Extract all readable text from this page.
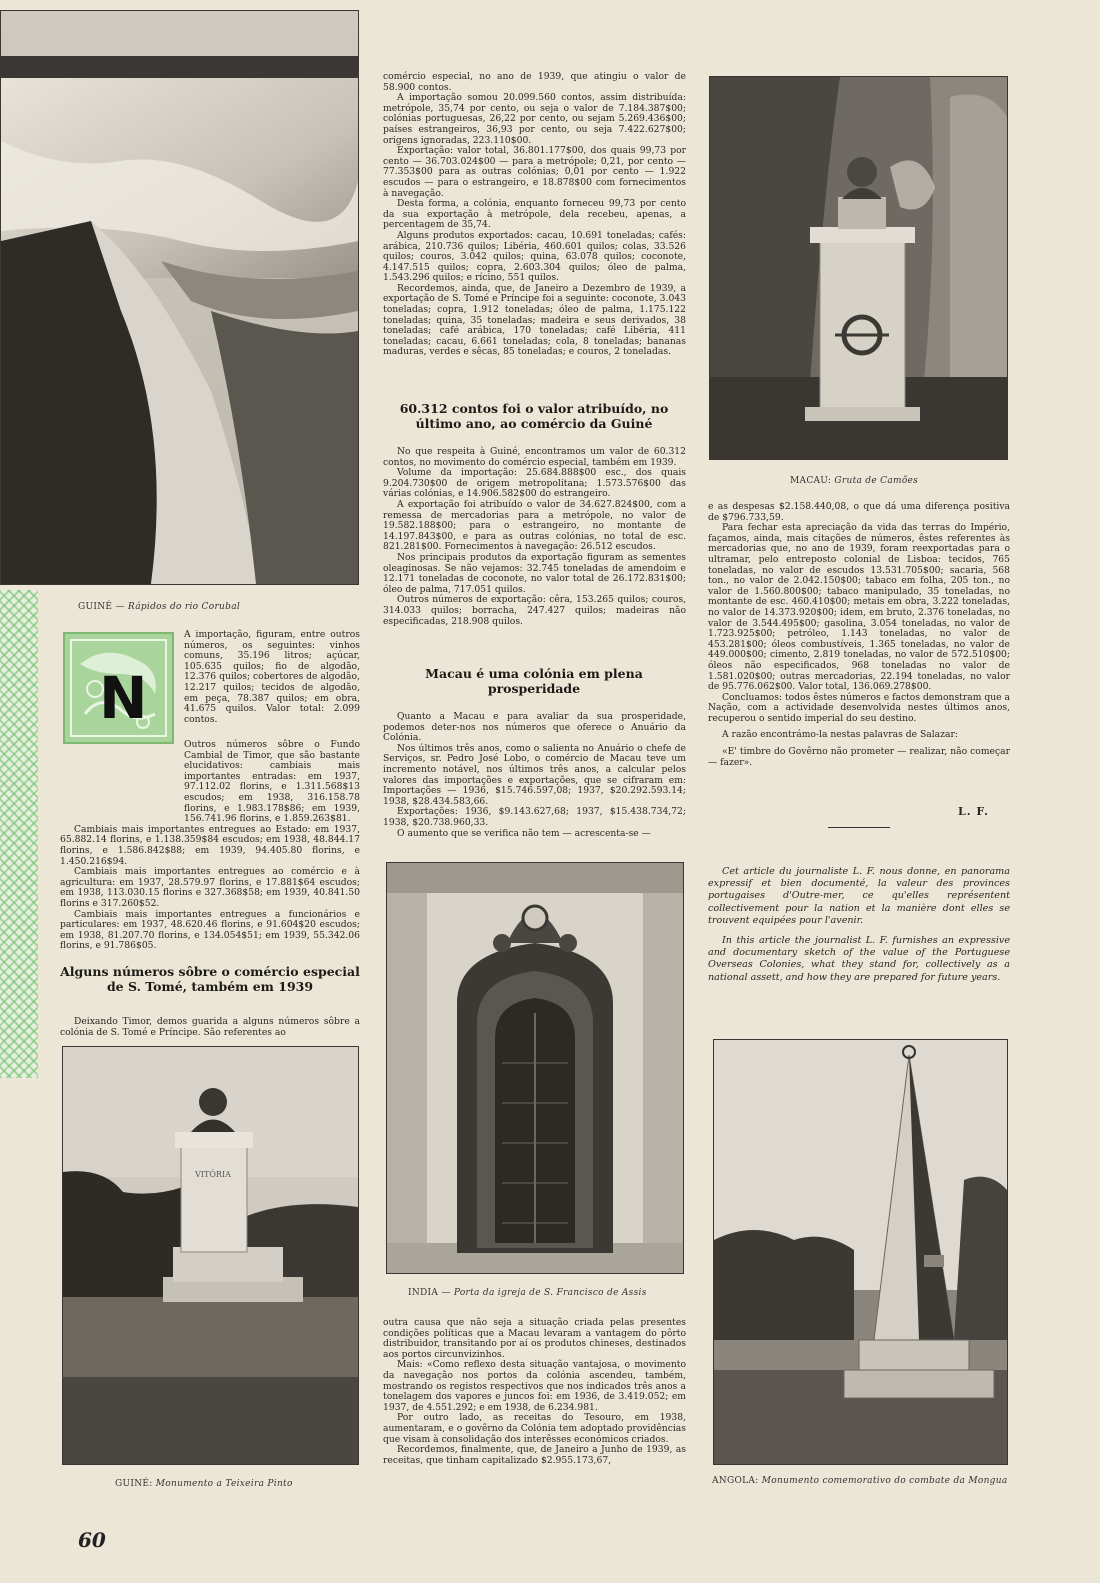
GUINÉ — Rápidos do rio Corubal
N

A importação, figuram, entre outros números, os seguintes: vinhos comuns, 35.196 litros; açúcar, 105.635 quilos; fio de algodão, 12.376 quilos; cobertores de algodão, 12.217 quilos; tecidos de algodão, em peça, 78.387 quilos; em obra, 41.675 quilos. Valor total: 2.099 contos.

Outros números sôbre o Fundo Cambial de Timor, que são bastante elucidativos: cambiais mais importantes entradas: em 1937, 97.112.02 florins, e 1.311.568$13 escudos; em 1938, 316.158.78 florins, e 1.983.178$86; em 1939, 156.741.96 florins, e 1.859.263$81.

Cambiais mais importantes entregues ao Estado: em 1937, 65.882.14 florins, e 1.138.359$84 escudos; em 1938, 48.844.17 florins, e 1.586.842$88; em 1939, 94.405.80 florins, e 1.450.216$94.

Cambiais mais importantes entregues ao comércio e à agricultura: em 1937, 28.579.97 florins, e 17.881$64 escudos; em 1938, 113.030.15 florins e 327.368$58; em 1939, 40.841.50 florins e 317.260$52.

Cambiais mais importantes entregues a funcionários e particulares: em 1937, 48.620.46 florins, e 91.604$20 escudos; em 1938, 81.207.70 florins, e 134.054$51; em 1939, 55.342.06 florins, e 91.786$05.

Alguns números sôbre o comércio especial de S. Tomé, também em 1939

Deixando Timor, demos guarida a alguns números sôbre a colónia de S. Tomé e Príncipe. São referentes ao

VITÓRIA
GUINÉ: Monumento a Teixeira Pinto
60

comércio especial, no ano de 1939, que atingiu o valor de 58.900 contos.

A importação somou 20.099.560 contos, assim distribuída: metrópole, 35,74 por cento, ou seja o valor de 7.184.387$00; colónias portuguesas, 26,22 por cento, ou sejam 5.269.436$00; países estrangeiros, 36,93 por cento, ou seja 7.422.627$00; origens ignoradas, 223.110$00.

Exportação: valor total, 36.801.177$00, dos quais 99,73 por cento — 36.703.024$00 — para a metrópole; 0,21, por cento — 77.353$00 para as outras colónias; 0,01 por cento — 1.922 escudos — para o estrangeiro, e 18.878$00 com fornecimentos à navegação.

Desta forma, a colónia, enquanto forneceu 99,73 por cento da sua exportação à metrópole, dela recebeu, apenas, a percentagem de 35,74.

Alguns produtos exportados: cacau, 10.691 toneladas; cafés: arábica, 210.736 quilos; Libéria, 460.601 quilos; colas, 33.526 quilos; couros, 3.042 quilos; quina, 63.078 quilos; coconote, 4.147.515 quilos; copra, 2.603.304 quilos; óleo de palma, 1.543.296 quilos; e rícino, 551 quilos.

Recordemos, ainda, que, de Janeiro a Dezembro de 1939, a exportação de S. Tomé e Príncipe foi a seguinte: coconote, 3.043 toneladas; copra, 1.912 toneladas; óleo de palma, 1.175.122 toneladas; quina, 35 toneladas; madeira e seus derivados, 38 toneladas; café arábica, 170 toneladas; café Libéria, 411 toneladas; cacau, 6.661 toneladas; cola, 8 toneladas; bananas maduras, verdes e sêcas, 85 toneladas; e couros, 2 toneladas.

60.312 contos foi o valor atribuído, no último ano, ao comércio da Guiné

No que respeita à Guiné, encontramos um valor de 60.312 contos, no movimento do comércio especial, também em 1939.

Volume da importação: 25.684.888$00 esc., dos quais 9.204.730$00 de origem metropolitana; 1.573.576$00 das várias colónias, e 14.906.582$00 do estrangeiro.

A exportação foi atribuído o valor de 34.627.824$00, com a remessa de mercadorias para a metrópole, no valor de 19.582.188$00; para o estrangeiro, no montante de 14.197.843$00, e para as outras colónias, no total de esc. 821.281$00. Fornecimentos à navegação: 26.512 escudos.

Nos principais produtos da exportação figuram as sementes oleaginosas. Se não vejamos: 32.745 toneladas de amendoim e 12.171 toneladas de coconote, no valor total de 26.172.831$00; óleo de palma, 717.051 quilos.

Outros números de exportação: cêra, 153.265 quilos; couros, 314.033 quilos; borracha, 247.427 quilos; madeiras não especificadas, 218.908 quilos.

Macau é uma colónia em plena prosperidade

Quanto a Macau e para avaliar da sua prosperidade, podemos deter-nos nos números que oferece o Anuário da Colónia.

Nos últimos três anos, como o salienta no Anuário o chefe de Serviços, sr. Pedro José Lobo, o comércio de Macau teve um incremento notável, nos últimos três anos, a calcular pelos valores das importações e exportações, que se cifraram em: Importações — 1936, $15.746.597,08; 1937, $20.292.593.14; 1938, $28.434.583,66.

Exportações: 1936, $9.143.627,68; 1937, $15.438.734,72; 1938, $20.738.960,33.

O aumento que se verifica não tem — acrescenta-se —

INDIA — Porta da igreja de S. Francisco de Assis

outra causa que não seja a situação criada pelas presentes condições políticas que a Macau levaram a vantagem do pôrto distribuidor, transitando por aí os produtos chineses, destinados aos portos circunvizinhos.

Mais: «Como reflexo desta situação vantajosa, o movimento da navegação nos portos da colónia ascendeu, também, mostrando os registos respectivos que nos indicados três anos a tonelagem dos vapores e juncos foi: em 1936, de 3.419.052; em 1937, de 4.551.292; e em 1938, de 6.234.981.

Por outro lado, as receitas do Tesouro, em 1938, aumentaram, e o govêrno da Colónia tem adoptado providências que visam à consolidação dos interêsses económicos criados.

Recordemos, finalmente, que, de Janeiro a Junho de 1939, as receitas, que tinham capitalizado $2.955.173,67,

MACAU: Gruta de Camões

e as despesas $2.158.440,08, o que dá uma diferença positiva de $796.733,59.

Para fechar esta apreciação da vida das terras do Império, façamos, ainda, mais citações de números, êstes referentes às mercadorias que, no ano de 1939, foram reexportadas para o ultramar, pelo entreposto colonial de Lisboa: tecidos, 765 toneladas, no valor de escudos 13.531.705$00; sacaria, 568 ton., no valor de 2.042.150$00; tabaco em folha, 205 ton., no valor de 1.560.800$00; tabaco manipulado, 35 toneladas, no montante de esc. 460.410$00; metais em obra, 3.222 toneladas, no valor de 14.373.920$00; idem, em bruto, 2.376 toneladas, no valor de 3.544.495$00; gasolina, 3.054 toneladas, no valor de 1.723.925$00; petróleo, 1.143 toneladas, no valor de 453.281$00; óleos combustíveis, 1.365 toneladas, no valor de 449.000$00; cimento, 2.819 toneladas, no valor de 572.510$00; óleos não especificados, 968 toneladas no valor de 1.581.020$00; outras mercadorias, 22.194 toneladas, no valor de 95.776.062$00. Valor total, 136.069.278$00.

Concluamos: todos êstes números e factos demonstram que a Nação, com a actividade desenvolvida nestes últimos anos, recuperou o sentido imperial do seu destino.

A razão encontrámo-la nestas palavras de Salazar:

«E' timbre do Govêrno não prometer — realizar, não começar — fazer».

L. F.

Cet article du journaliste L. F. nous donne, en panorama expressif et bien documenté, la valeur des provinces portugaises d'Outre-mer, ce qu'elles représentent collectivement pour la nation et la manière dont elles se trouvent equipées pour l'avenir.

In this article the journalist L. F. furnishes an expressive and documentary sketch of the value of the Portuguese Overseas Colonies, what they stand for, collectively as a national assett, and how they are prepared for future years.

ANGOLA: Monumento comemorativo do combate da Mongua
